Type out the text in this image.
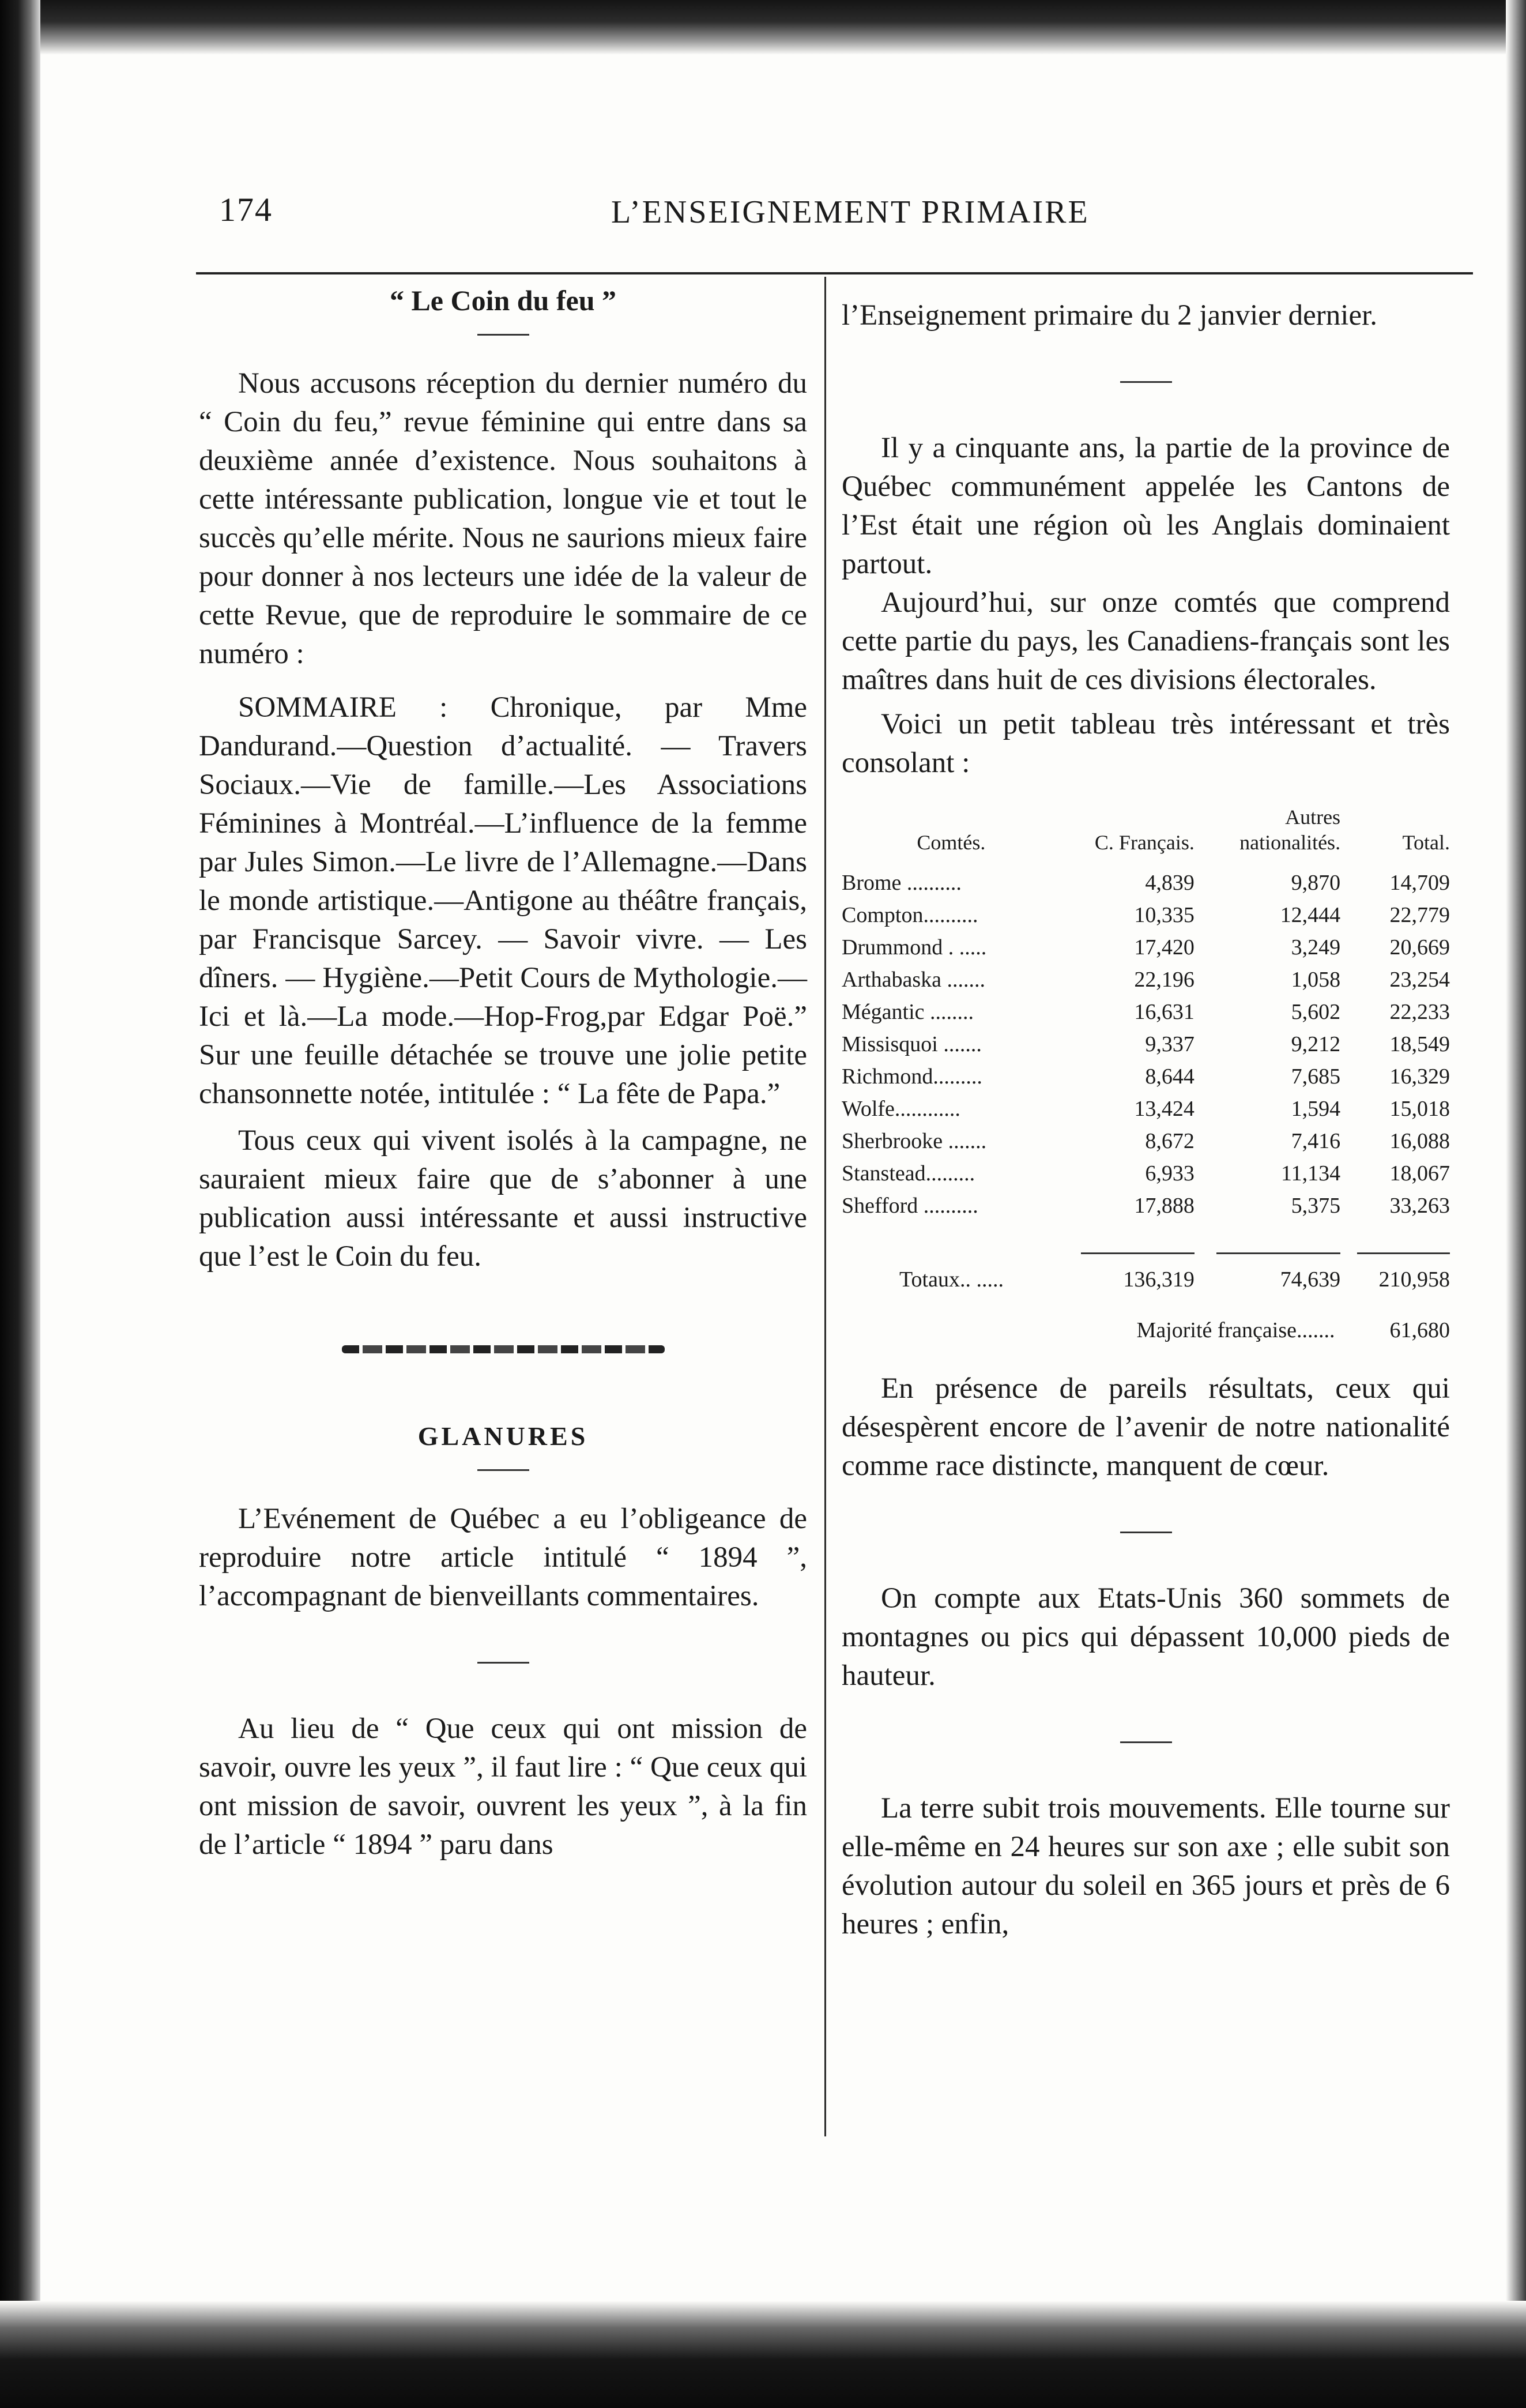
174	L’ENSEIGNEMENT PRIMAIRE
“ Le Coin du feu ”

Nous accusons réception du dernier numéro du “ Coin du feu,” revue féminine qui entre dans sa deuxième année d’existence. Nous souhaitons à cette intéressante publication, longue vie et tout le succès qu’elle mérite. Nous ne saurions mieux faire pour donner à nos lecteurs une idée de la valeur de cette Revue, que de reproduire le sommaire de ce numéro :

SOMMAIRE : Chronique, par Mme Dandurand.—Question d’actualité. — Travers Sociaux.—Vie de famille.—Les Associations Féminines à Montréal.—L’influence de la femme par Jules Simon.—Le livre de l’Allemagne.—Dans le monde artistique.—Antigone au théâtre français, par Francisque Sarcey. — Savoir vivre. — Les dîners. — Hygiène.—Petit Cours de Mythologie.—Ici et là.—La mode.—Hop-Frog,par Edgar Poë.” Sur une feuille détachée se trouve une jolie petite chansonnette notée, intitulée : “ La fête de Papa.”

Tous ceux qui vivent isolés à la campagne, ne sauraient mieux faire que de s’abonner à une publication aussi intéressante et aussi instructive que l’est le Coin du feu.

GLANURES

L’Evénement de Québec a eu l’obligeance de reproduire notre article intitulé “ 1894 ”, l’accompagnant de bienveillants commentaires.

Au lieu de “ Que ceux qui ont mission de savoir, ouvre les yeux ”, il faut lire : “ Que ceux qui ont mission de savoir, ouvrent les yeux ”, à la fin de l’article “ 1894 ” paru dans

l’Enseignement primaire du 2 janvier dernier.

Il y a cinquante ans, la partie de la province de Québec communément appelée les Cantons de l’Est était une région où les Anglais dominaient partout.

Aujourd’hui, sur onze comtés que comprend cette partie du pays, les Canadiens-français sont les maîtres dans huit de ces divisions électorales.

Voici un petit tableau très intéressant et très consolant :

Comtés.	C. Français.	Autres nationalités.	Total.

Brome ..........	4,839	9,870	14,709
Compton..........	10,335	12,444	22,779
Drummond . .....	17,420	3,249	20,669
Arthabaska .......	22,196	1,058	23,254
Mégantic ........	16,631	5,602	22,233
Missisquoi .......	9,337	9,212	18,549
Richmond.........	8,644	7,685	16,329
Wolfe............	13,424	1,594	15,018
Sherbrooke .......	8,672	7,416	16,088
Stanstead.........	6,933	11,134	18,067
Shefford ..........	17,888	5,375	33,263

Totaux.. .....	136,319	74,639	210,958
Majorité française.......	61,680

En présence de pareils résultats, ceux qui désespèrent encore de l’avenir de notre nationalité comme race distincte, manquent de cœur.

On compte aux Etats-Unis 360 sommets de montagnes ou pics qui dépassent 10,000 pieds de hauteur.

La terre subit trois mouvements. Elle tourne sur elle-même en 24 heures sur son axe ; elle subit son évolution autour du soleil en 365 jours et près de 6 heures ; enfin,
